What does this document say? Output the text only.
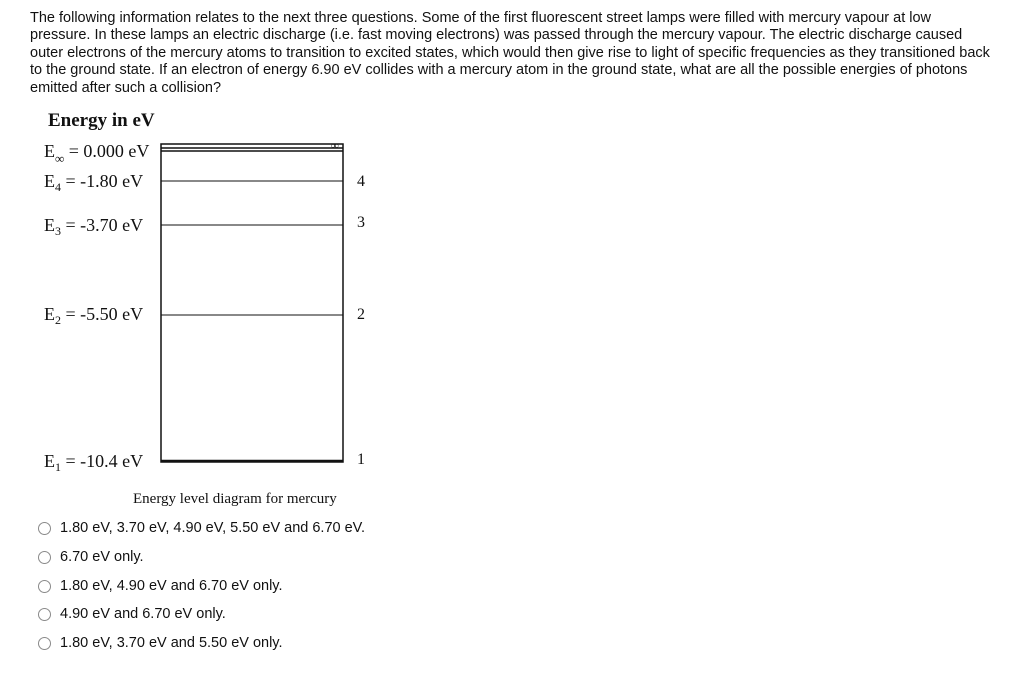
The following information relates to the next three questions. Some of the first fluorescent street lamps were filled with mercury vapour at low pressure. In these lamps an electric discharge (i.e. fast moving electrons) was passed through the mercury vapour. The electric discharge caused outer electrons of the mercury atoms to transition to excited states, which would then give rise to light of specific frequencies as they transitioned back to the ground state. If an electron of energy 6.90 eV collides with a mercury atom in the ground state, what are all the possible energies of photons emitted after such a collision?
Energy in eV
∞
$E_\infty = 0.000$ eV
$E_4 = -1.80$ eV
$E_3 = -3.70$ eV
$E_2 = -5.50$ eV
$E_1 = -10.4$ eV
4
3
2
1
Energy level diagram for mercury
1.80 eV, 3.70 eV, 4.90 eV, 5.50 eV and 6.70 eV.
6.70 eV only.
1.80 eV, 4.90 eV and 6.70 eV only.
4.90 eV and 6.70 eV only.
1.80 eV, 3.70 eV and 5.50 eV only.
